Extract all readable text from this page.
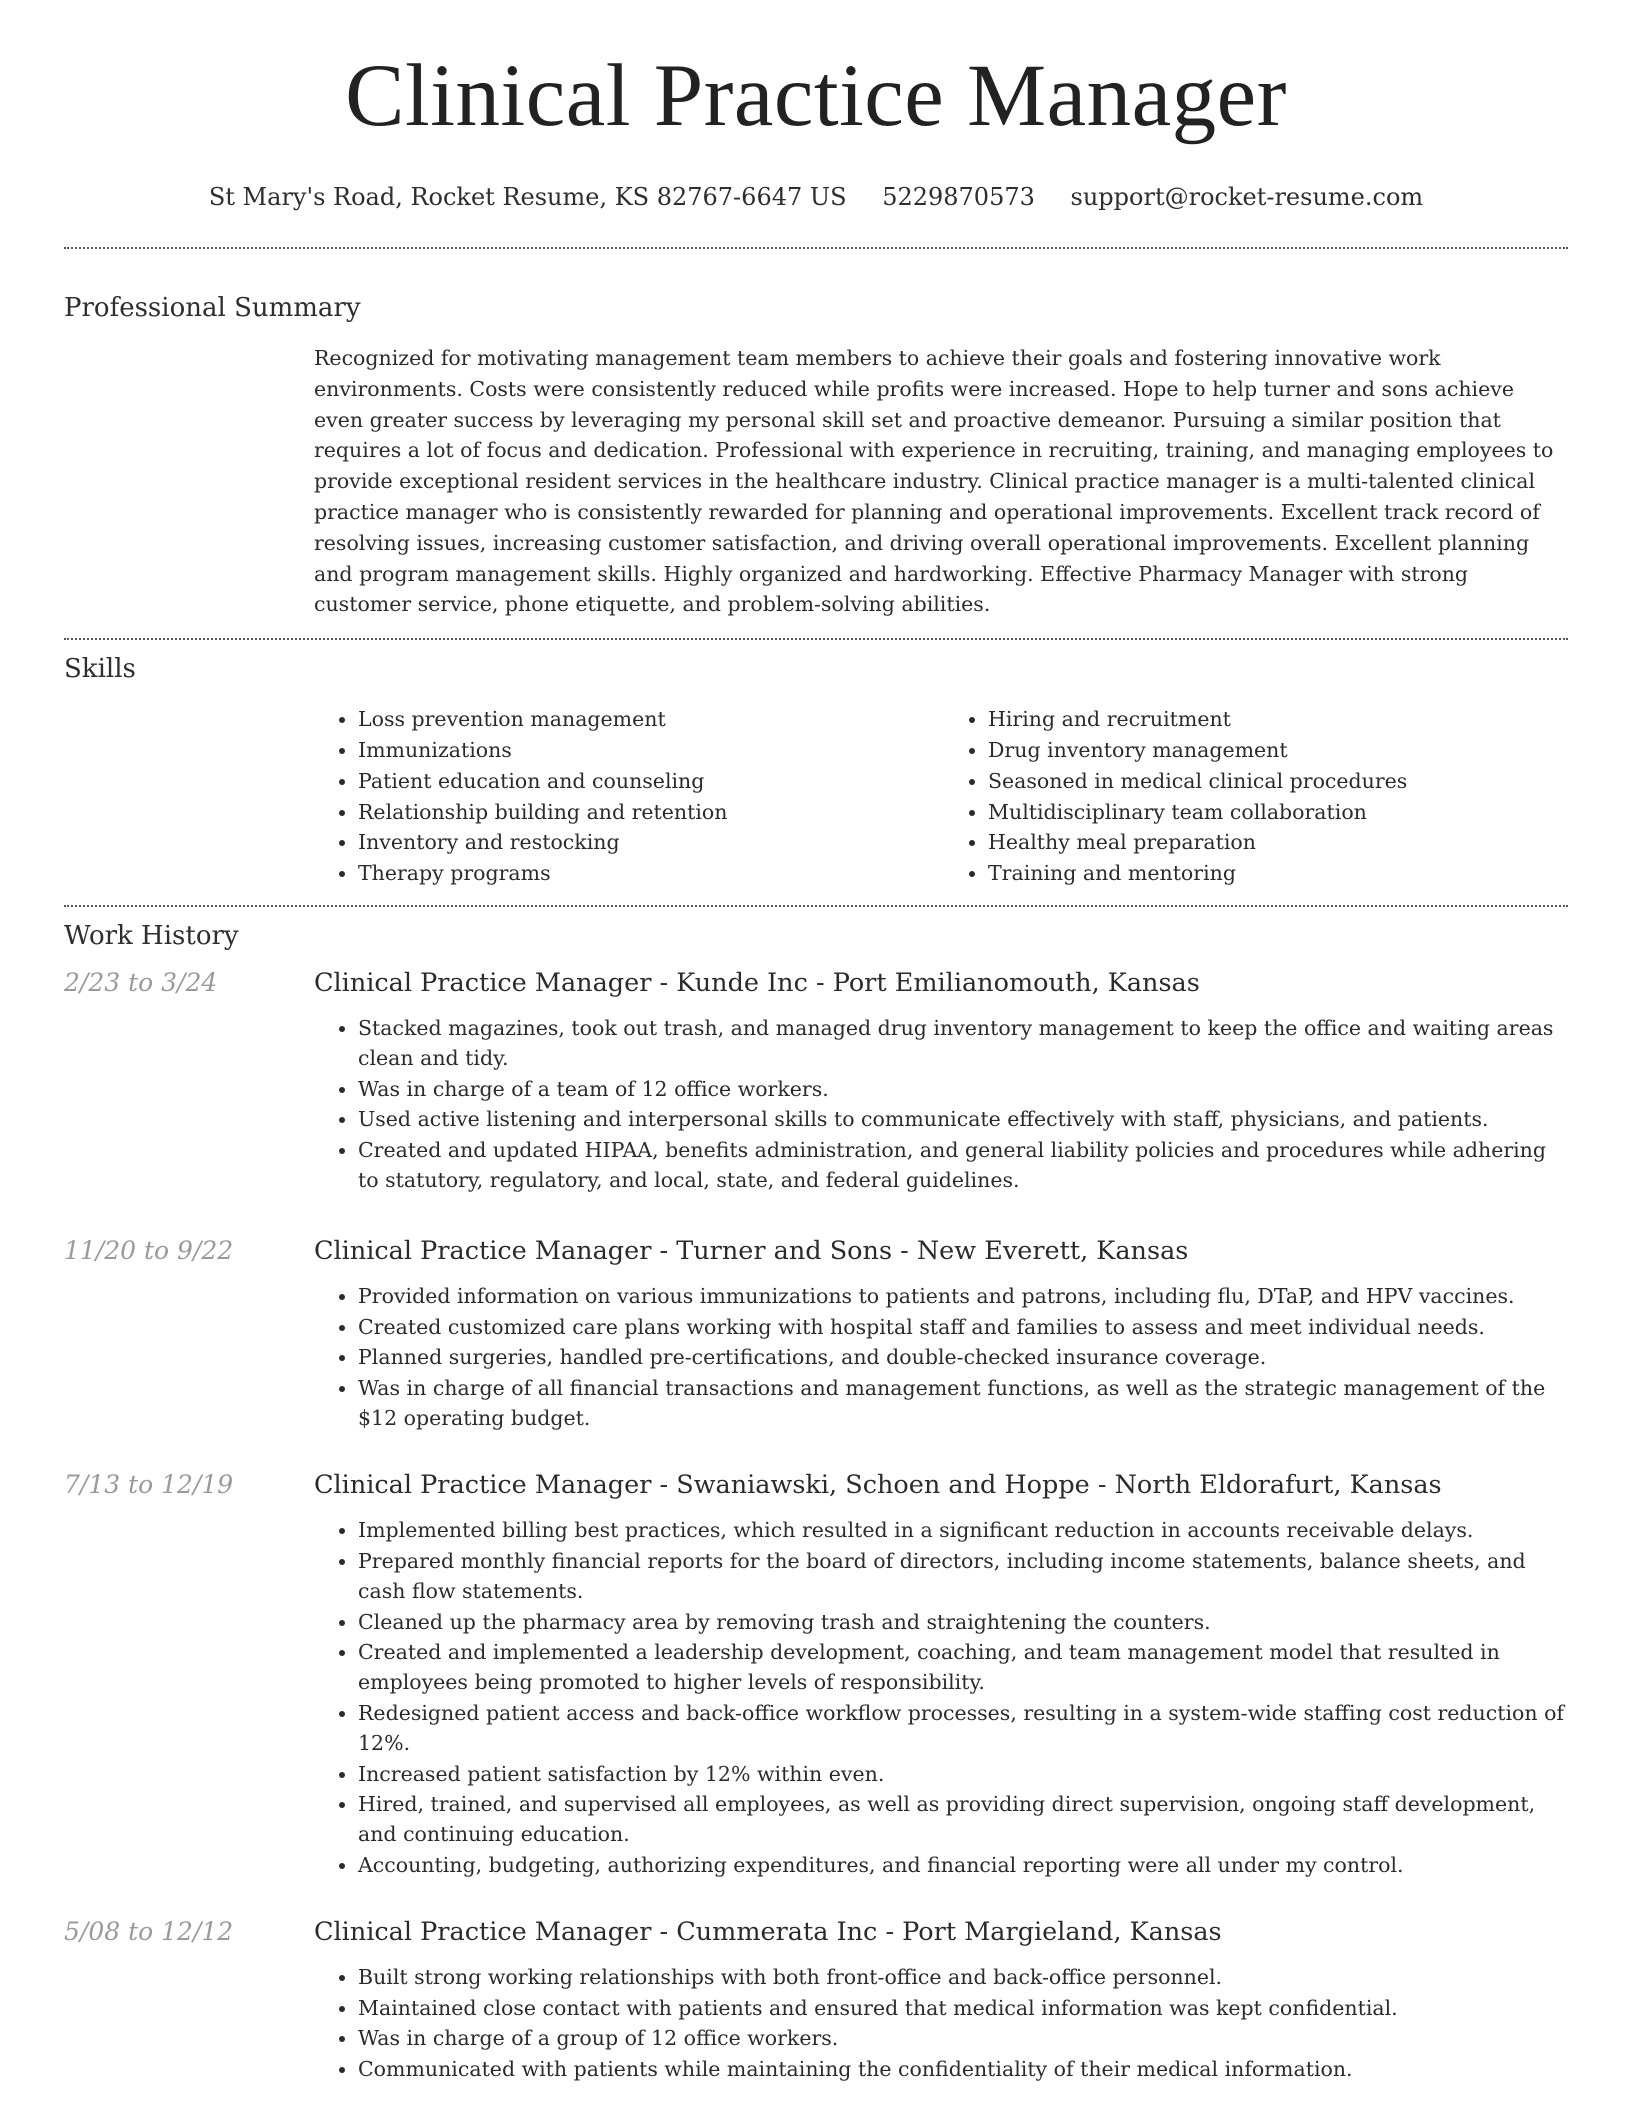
Clinical Practice Manager
St Mary's Road, Rocket Resume, KS 82767-6647 US 5229870573 support@rocket-resume.com
Professional Summary
Recognized for motivating management team members to achieve their goals and fostering innovative work environments. Costs were consistently reduced while profits were increased. Hope to help turner and sons achieve even greater success by leveraging my personal skill set and proactive demeanor. Pursuing a similar position that requires a lot of focus and dedication. Professional with experience in recruiting, training, and managing employees to provide exceptional resident services in the healthcare industry. Clinical practice manager is a multi-talented clinical practice manager who is consistently rewarded for planning and operational improvements. Excellent track record of resolving issues, increasing customer satisfaction, and driving overall operational improvements. Excellent planning and program management skills. Highly organized and hardworking. Effective Pharmacy Manager with strong customer service, phone etiquette, and problem-solving abilities.
Skills
• Loss prevention management
• Immunizations
• Patient education and counseling
• Relationship building and retention
• Inventory and restocking
• Therapy programs
• Hiring and recruitment
• Drug inventory management
• Seasoned in medical clinical procedures
• Multidisciplinary team collaboration
• Healthy meal preparation
• Training and mentoring
Work History
2/23 to 3/24	Clinical Practice Manager - Kunde Inc - Port Emilianomouth, Kansas
• Stacked magazines, took out trash, and managed drug inventory management to keep the office and waiting areas clean and tidy.
• Was in charge of a team of 12 office workers.
• Used active listening and interpersonal skills to communicate effectively with staff, physicians, and patients.
• Created and updated HIPAA, benefits administration, and general liability policies and procedures while adhering to statutory, regulatory, and local, state, and federal guidelines.
11/20 to 9/22	Clinical Practice Manager - Turner and Sons - New Everett, Kansas
• Provided information on various immunizations to patients and patrons, including flu, DTaP, and HPV vaccines.
• Created customized care plans working with hospital staff and families to assess and meet individual needs.
• Planned surgeries, handled pre-certifications, and double-checked insurance coverage.
• Was in charge of all financial transactions and management functions, as well as the strategic management of the $12 operating budget.
7/13 to 12/19	Clinical Practice Manager - Swaniawski, Schoen and Hoppe - North Eldorafurt, Kansas
• Implemented billing best practices, which resulted in a significant reduction in accounts receivable delays.
• Prepared monthly financial reports for the board of directors, including income statements, balance sheets, and cash flow statements.
• Cleaned up the pharmacy area by removing trash and straightening the counters.
• Created and implemented a leadership development, coaching, and team management model that resulted in employees being promoted to higher levels of responsibility.
• Redesigned patient access and back-office workflow processes, resulting in a system-wide staffing cost reduction of 12%.
• Increased patient satisfaction by 12% within even.
• Hired, trained, and supervised all employees, as well as providing direct supervision, ongoing staff development, and continuing education.
• Accounting, budgeting, authorizing expenditures, and financial reporting were all under my control.
5/08 to 12/12	Clinical Practice Manager - Cummerata Inc - Port Margieland, Kansas
• Built strong working relationships with both front-office and back-office personnel.
• Maintained close contact with patients and ensured that medical information was kept confidential.
• Was in charge of a group of 12 office workers.
• Communicated with patients while maintaining the confidentiality of their medical information.
